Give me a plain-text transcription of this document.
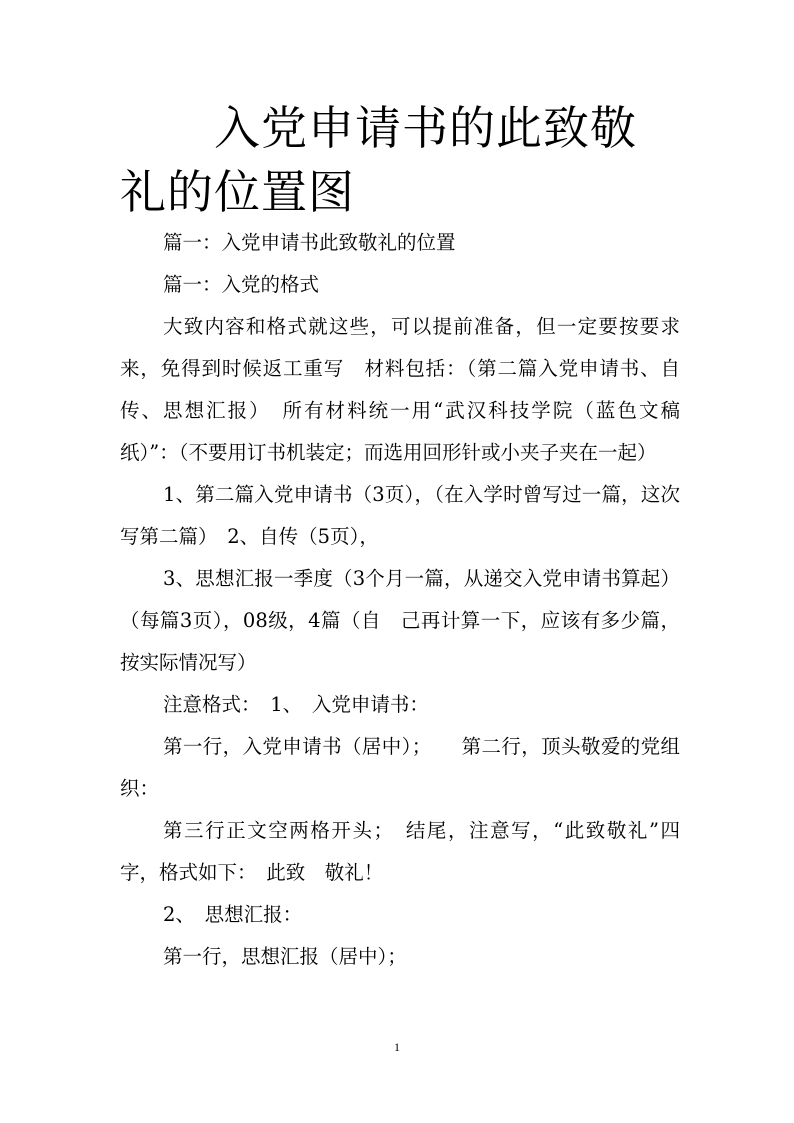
入党申请书的此致敬
礼的位置图

篇一：入党申请书此致敬礼的位置

篇一：入党的格式

大致内容和格式就这些，可以提前准备，但一定要按要求来，免得到时候返工重写　材料包括：（第二篇入党申请书、自传、思想汇报）　所有材料统一用“武汉科技学院（蓝色文稿纸）”：（不要用订书机装定；而选用回形针或小夹子夹在一起）

1、第二篇入党申请书（3页），（在入学时曾写过一篇，这次写第二篇）　2、自传（5页），

3、思想汇报一季度（3个月一篇，从递交入党申请书算起）（每篇3页），08级，4篇（自　己再计算一下，应该有多少篇，按实际情况写）

注意格式：　1、　入党申请书：

第一行，入党申请书（居中）；　　第二行，顶头敬爱的党组织：

第三行正文空两格开头；　结尾，注意写，“此致敬礼”四字，格式如下：　此致　敬礼！

2、　思想汇报：

第一行，思想汇报（居中）；

1
